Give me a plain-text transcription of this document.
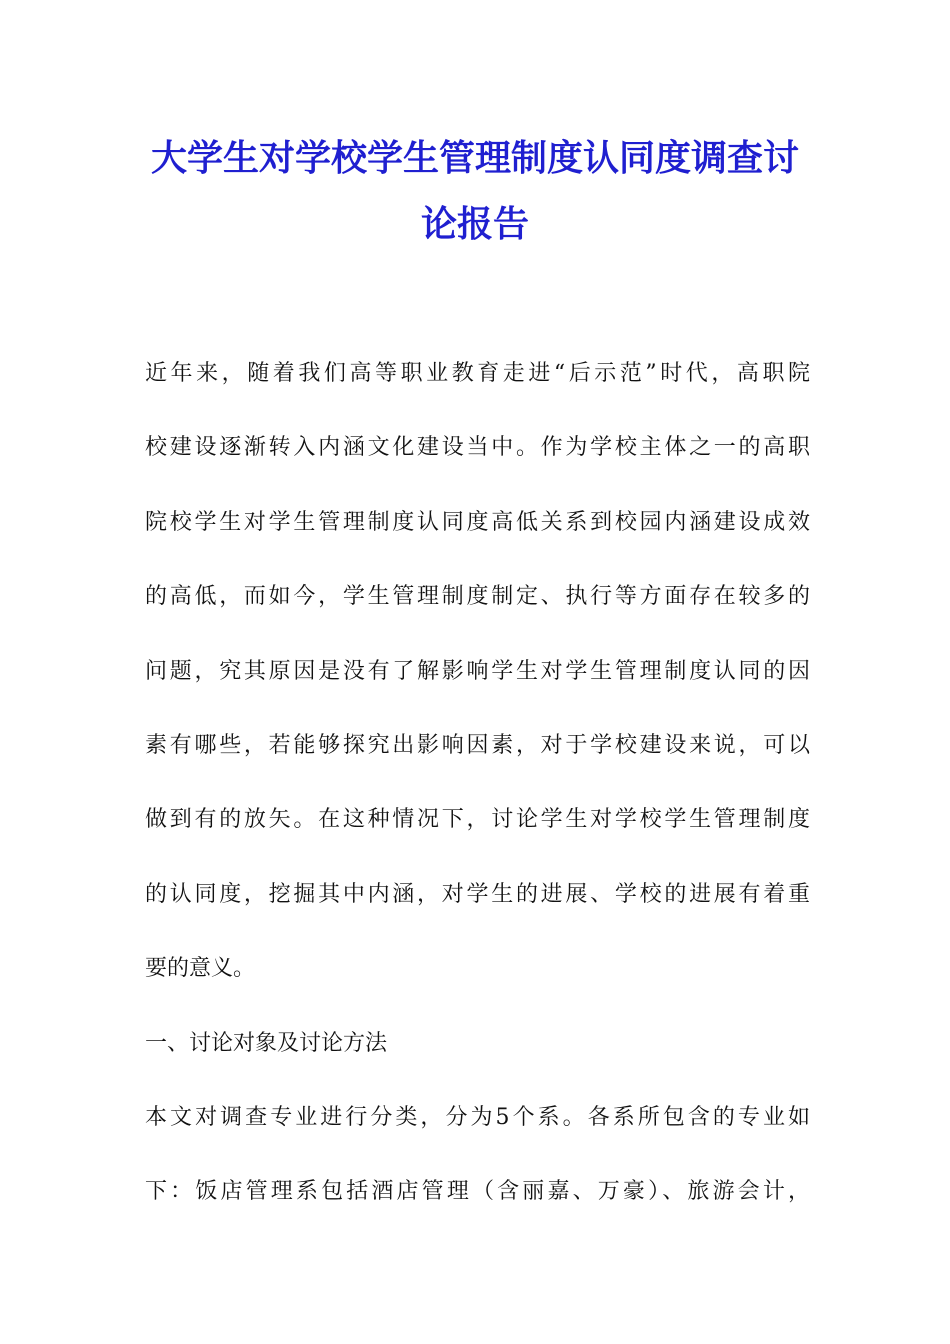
大学生对学校学生管理制度认同度调查讨
论报告
近年来，随着我们高等职业教育走进“后示范”时代，高职院
校建设逐渐转入内涵文化建设当中。作为学校主体之一的高职
院校学生对学生管理制度认同度高低关系到校园内涵建设成效
的高低，而如今，学生管理制度制定、执行等方面存在较多的
问题，究其原因是没有了解影响学生对学生管理制度认同的因
素有哪些，若能够探究出影响因素，对于学校建设来说，可以
做到有的放矢。在这种情况下，讨论学生对学校学生管理制度
的认同度，挖掘其中内涵，对学生的进展、学校的进展有着重
要的意义。
一、讨论对象及讨论方法
本文对调查专业进行分类，分为5个系。各系所包含的专业如
下：饭店管理系包括酒店管理（含丽嘉、万豪）、旅游会计，
